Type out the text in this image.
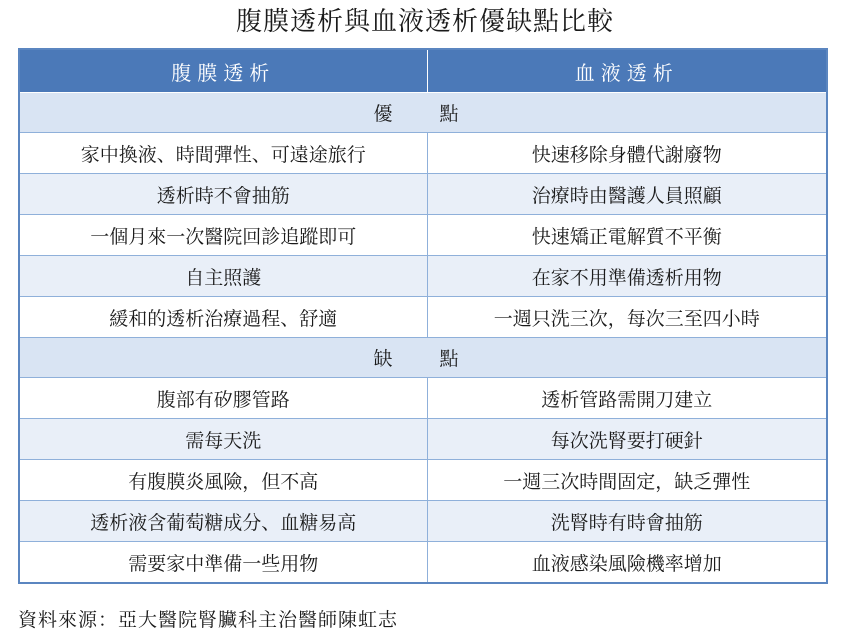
腹膜透析與血液透析優缺點比較
腹膜透析	血液透析
優　點	
家中換液、時間彈性、可遠途旅行	快速移除身體代謝廢物
透析時不會抽筋	治療時由醫護人員照顧
一個月來一次醫院回診追蹤即可	快速矯正電解質不平衡
自主照護	在家不用準備透析用物
緩和的透析治療過程、舒適	一週只洗三次，每次三至四小時
缺　點	
腹部有矽膠管路	透析管路需開刀建立
需每天洗	每次洗腎要打硬針
有腹膜炎風險，但不高	一週三次時間固定，缺乏彈性
透析液含葡萄糖成分、血糖易高	洗腎時有時會抽筋
需要家中準備一些用物	血液感染風險機率增加
資料來源：亞大醫院腎臟科主治醫師陳虹志
